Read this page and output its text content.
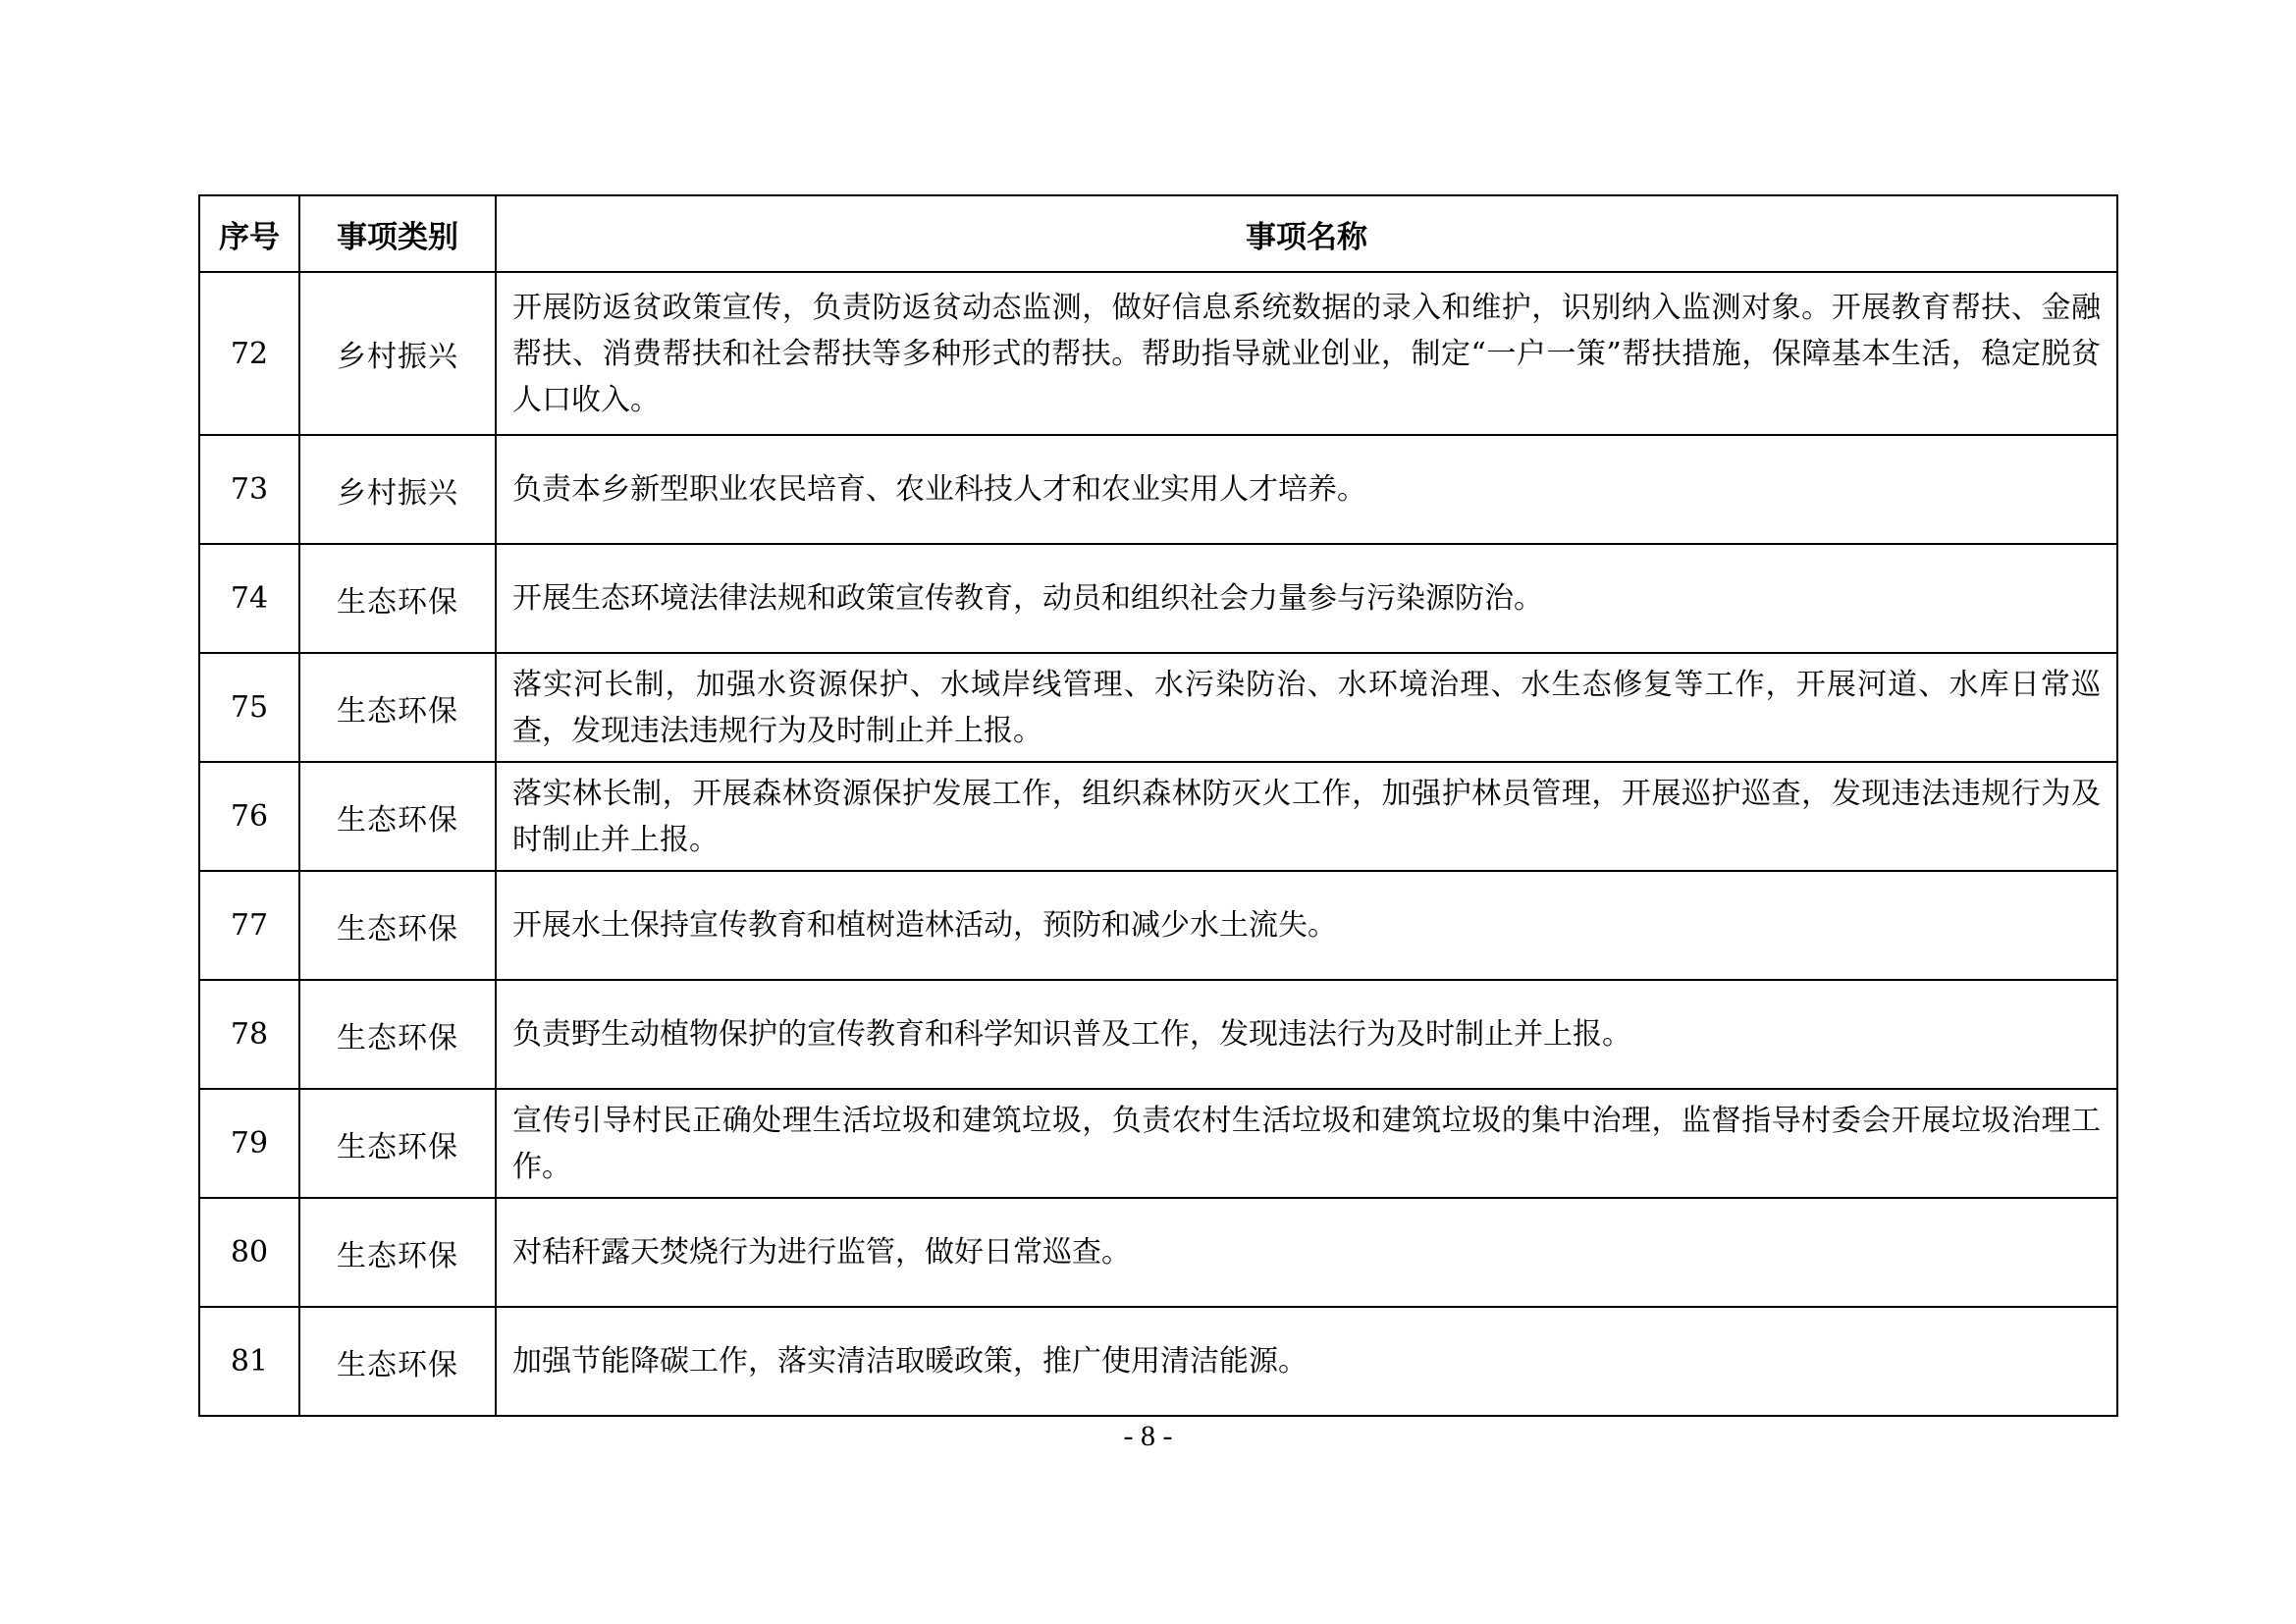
序号	事项类别	事项名称
72	乡村振兴	开展防返贫政策宣传，负责防返贫动态监测，做好信息系统数据的录入和维护，识别纳入监测对象。开展教育帮扶、金融帮扶、消费帮扶和社会帮扶等多种形式的帮扶。帮助指导就业创业，制定“一户一策”帮扶措施，保障基本生活，稳定脱贫人口收入。
73	乡村振兴	负责本乡新型职业农民培育、农业科技人才和农业实用人才培养。
74	生态环保	开展生态环境法律法规和政策宣传教育，动员和组织社会力量参与污染源防治。
75	生态环保	落实河长制，加强水资源保护、水域岸线管理、水污染防治、水环境治理、水生态修复等工作，开展河道、水库日常巡查，发现违法违规行为及时制止并上报。
76	生态环保	落实林长制，开展森林资源保护发展工作，组织森林防灭火工作，加强护林员管理，开展巡护巡查，发现违法违规行为及时制止并上报。
77	生态环保	开展水土保持宣传教育和植树造林活动，预防和减少水土流失。
78	生态环保	负责野生动植物保护的宣传教育和科学知识普及工作，发现违法行为及时制止并上报。
79	生态环保	宣传引导村民正确处理生活垃圾和建筑垃圾，负责农村生活垃圾和建筑垃圾的集中治理，监督指导村委会开展垃圾治理工作。
80	生态环保	对秸秆露天焚烧行为进行监管，做好日常巡查。
81	生态环保	加强节能降碳工作，落实清洁取暖政策，推广使用清洁能源。
- 8 -
